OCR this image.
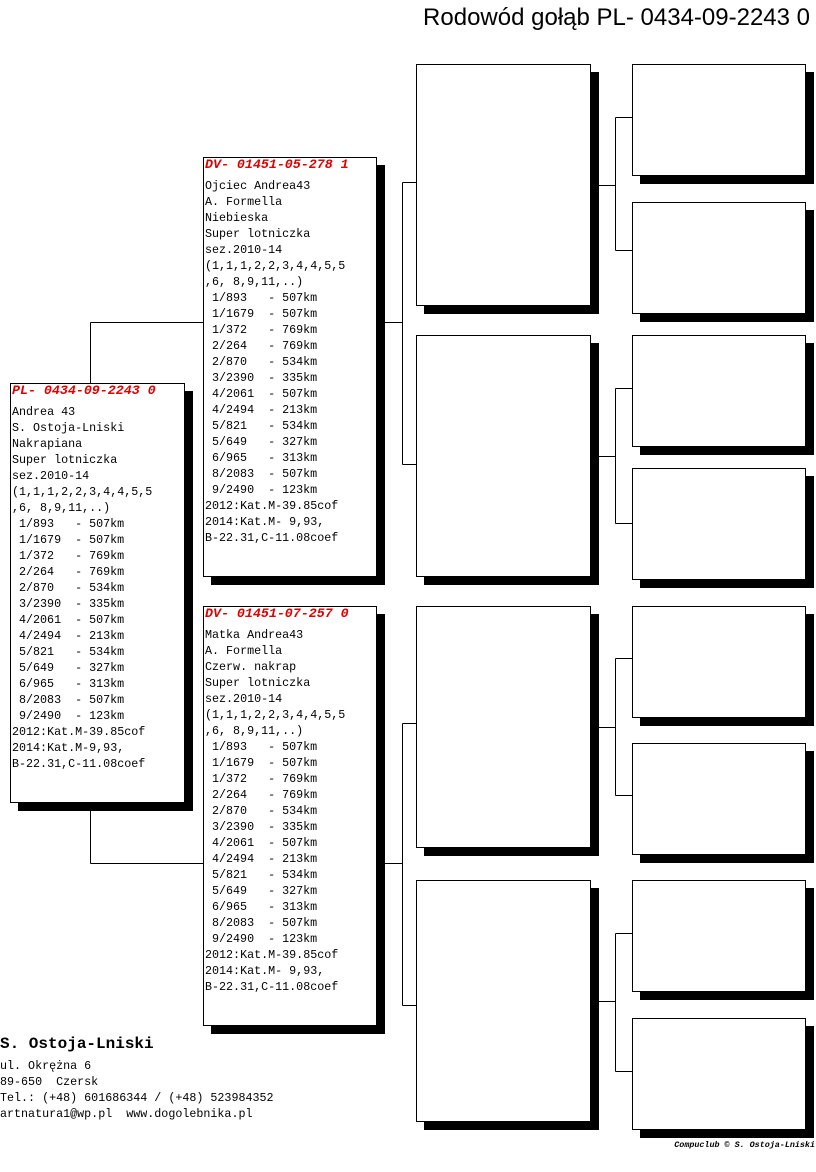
Rodowód gołąb PL- 0434-09-2243 0
PL- 0434-09-2243 0
Andrea 43
S. Ostoja-Lniski
Nakrapiana
Super lotniczka
sez.2010-14
(1,1,1,2,2,3,4,4,5,5
,6, 8,9,11,..)
1/893 - 507km
1/1679 - 507km
1/372 - 769km
2/264 - 769km
2/870 - 534km
3/2390 - 335km
4/2061 - 507km
4/2494 - 213km
5/821 - 534km
5/649 - 327km
6/965 - 313km
8/2083 - 507km
9/2490 - 123km
2012:Kat.M-39.85cof
2014:Kat.M-9,93,
B-22.31,C-11.08coef
DV- 01451-05-278 1
Ojciec Andrea43
A. Formella
Niebieska
Super lotniczka
sez.2010-14
(1,1,1,2,2,3,4,4,5,5
,6, 8,9,11,..)
1/893 - 507km
1/1679 - 507km
1/372 - 769km
2/264 - 769km
2/870 - 534km
3/2390 - 335km
4/2061 - 507km
4/2494 - 213km
5/821 - 534km
5/649 - 327km
6/965 - 313km
8/2083 - 507km
9/2490 - 123km
2012:Kat.M-39.85cof
2014:Kat.M- 9,93,
B-22.31,C-11.08coef
DV- 01451-07-257 0
Matka Andrea43
A. Formella
Czerw. nakrap
Super lotniczka
sez.2010-14
(1,1,1,2,2,3,4,4,5,5
,6, 8,9,11,..)
1/893 - 507km
1/1679 - 507km
1/372 - 769km
2/264 - 769km
2/870 - 534km
3/2390 - 335km
4/2061 - 507km
4/2494 - 213km
5/821 - 534km
5/649 - 327km
6/965 - 313km
8/2083 - 507km
9/2490 - 123km
2012:Kat.M-39.85cof
2014:Kat.M- 9,93,
B-22.31,C-11.08coef
S. Ostoja-Lniski
ul. Okrężna 6
89-650 Czersk
Tel.: (+48) 601686344 / (+48) 523984352
artnatura1@wp.pl www.dogolebnika.pl
Compuclub © S. Ostoja-Lniski
